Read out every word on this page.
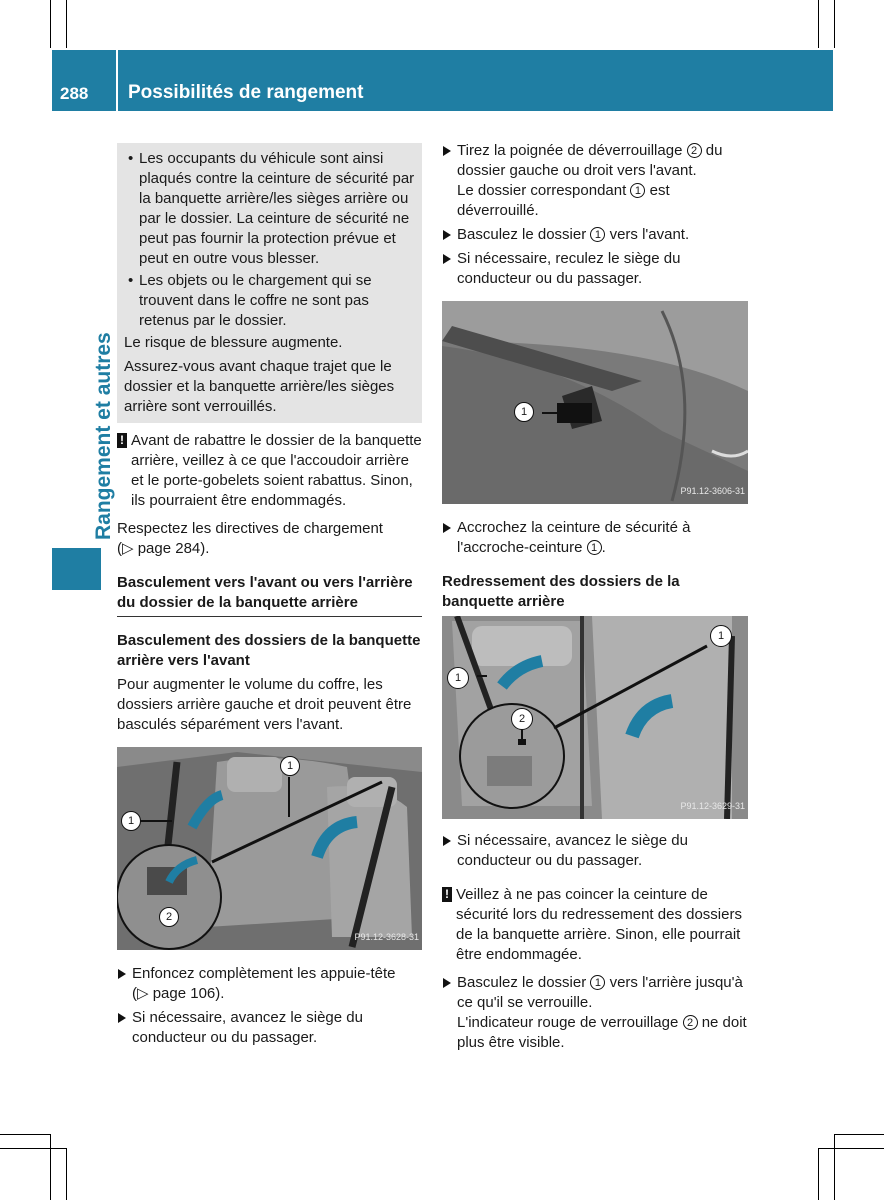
288	Possibilités de rangement
Rangement et autres
• Les occupants du véhicule sont ainsi plaqués contre la ceinture de sécurité par la banquette arrière/les sièges arrière ou par le dossier. La ceinture de sécurité ne peut pas fournir la protection prévue et peut en outre vous blesser.
• Les objets ou le chargement qui se trouvent dans le coffre ne sont pas retenus par le dossier.

Le risque de blessure augmente.

Assurez-vous avant chaque trajet que le dossier et la banquette arrière/les sièges arrière sont verrouillés.

! Avant de rabattre le dossier de la banquette arrière, veillez à ce que l'accoudoir arrière et le porte-gobelets soient rabattus. Sinon, ils pourraient être endommagés.

Respectez les directives de chargement
(▷ page 284).

Basculement vers l'avant ou vers l'arrière du dossier de la banquette arrière
Basculement des dossiers de la banquette arrière vers l'avant

Pour augmenter le volume du coffre, les dossiers arrière gauche et droit peuvent être basculés séparément vers l'avant.

1
1
2
P91.12-3628-31
Enfoncez complètement les appuie-tête
(▷ page 106).
Si nécessaire, avancez le siège du conducteur ou du passager.
Tirez la poignée de déverrouillage 2 du dossier gauche ou droit vers l'avant.
Le dossier correspondant 1 est déverrouillé.
Basculez le dossier 1 vers l'avant.
Si nécessaire, reculez le siège du conducteur ou du passager.
1
P91.12-3606-31
Accrochez la ceinture de sécurité à l'accroche-ceinture 1 .
Redressement des dossiers de la banquette arrière
1
1
2
P91.12-3629-31
Si nécessaire, avancez le siège du conducteur ou du passager.
! Veillez à ne pas coincer la ceinture de sécurité lors du redressement des dossiers de la banquette arrière. Sinon, elle pourrait être endommagée.
Basculez le dossier 1 vers l'arrière jusqu'à ce qu'il se verrouille.
L'indicateur rouge de verrouillage 2 ne doit plus être visible.
